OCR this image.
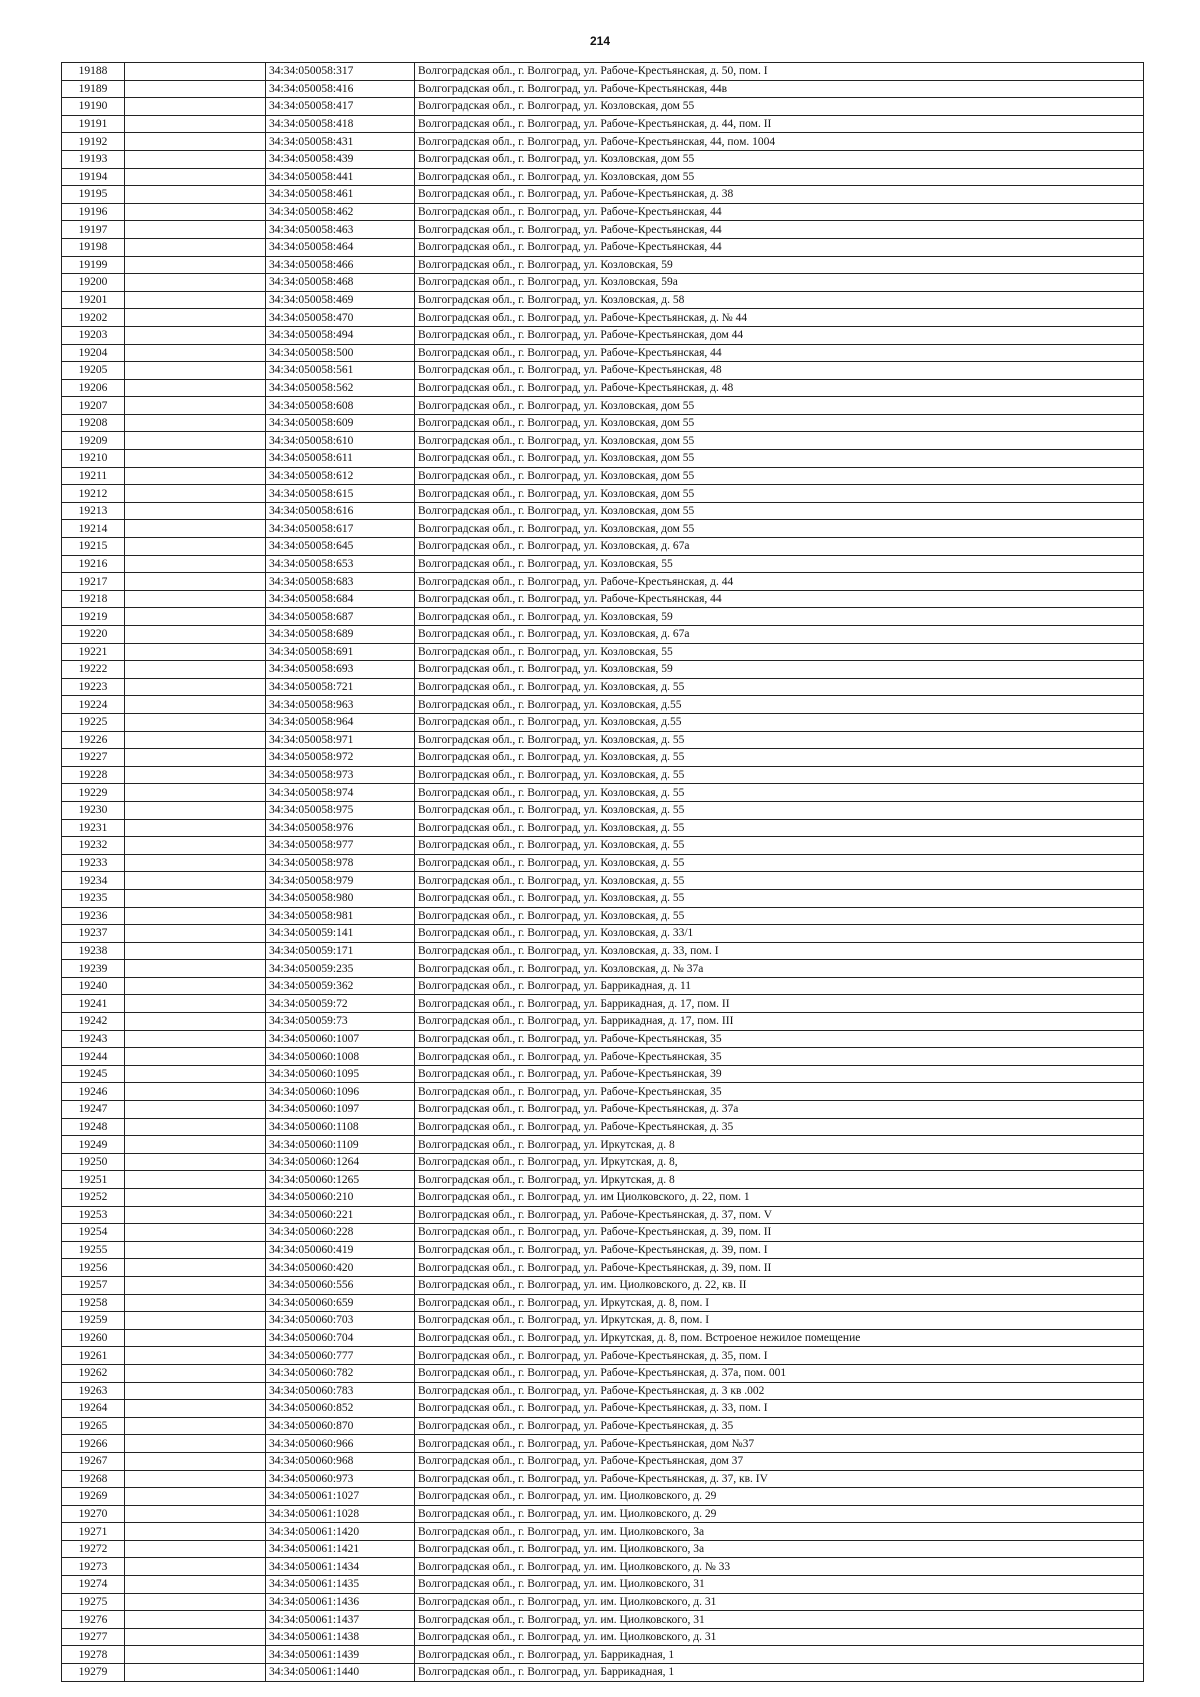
214
19188		34:34:050058:317	Волгоградская обл., г. Волгоград, ул. Рабоче-Крестьянская, д. 50, пом. I
19189		34:34:050058:416	Волгоградская обл., г. Волгоград, ул. Рабоче-Крестьянская, 44в
19190		34:34:050058:417	Волгоградская обл., г. Волгоград, ул. Козловская, дом 55
19191		34:34:050058:418	Волгоградская обл., г. Волгоград, ул. Рабоче-Крестьянская, д. 44, пом. II
19192		34:34:050058:431	Волгоградская обл., г. Волгоград, ул. Рабоче-Крестьянская, 44, пом. 1004
19193		34:34:050058:439	Волгоградская обл., г. Волгоград, ул. Козловская, дом 55
19194		34:34:050058:441	Волгоградская обл., г. Волгоград, ул. Козловская, дом 55
19195		34:34:050058:461	Волгоградская обл., г. Волгоград, ул. Рабоче-Крестьянская, д. 38
19196		34:34:050058:462	Волгоградская обл., г. Волгоград, ул. Рабоче-Крестьянская, 44
19197		34:34:050058:463	Волгоградская обл., г. Волгоград, ул. Рабоче-Крестьянская, 44
19198		34:34:050058:464	Волгоградская обл., г. Волгоград, ул. Рабоче-Крестьянская, 44
19199		34:34:050058:466	Волгоградская обл., г. Волгоград, ул. Козловская, 59
19200		34:34:050058:468	Волгоградская обл., г. Волгоград, ул. Козловская, 59а
19201		34:34:050058:469	Волгоградская обл., г. Волгоград, ул. Козловская, д. 58
19202		34:34:050058:470	Волгоградская обл., г. Волгоград, ул. Рабоче-Крестьянская, д. № 44
19203		34:34:050058:494	Волгоградская обл., г. Волгоград, ул. Рабоче-Крестьянская, дом 44
19204		34:34:050058:500	Волгоградская обл., г. Волгоград, ул. Рабоче-Крестьянская, 44
19205		34:34:050058:561	Волгоградская обл., г. Волгоград, ул. Рабоче-Крестьянская, 48
19206		34:34:050058:562	Волгоградская обл., г. Волгоград, ул. Рабоче-Крестьянская, д. 48
19207		34:34:050058:608	Волгоградская обл., г. Волгоград, ул. Козловская, дом 55
19208		34:34:050058:609	Волгоградская обл., г. Волгоград, ул. Козловская, дом 55
19209		34:34:050058:610	Волгоградская обл., г. Волгоград, ул. Козловская, дом 55
19210		34:34:050058:611	Волгоградская обл., г. Волгоград, ул. Козловская, дом 55
19211		34:34:050058:612	Волгоградская обл., г. Волгоград, ул. Козловская, дом 55
19212		34:34:050058:615	Волгоградская обл., г. Волгоград, ул. Козловская, дом 55
19213		34:34:050058:616	Волгоградская обл., г. Волгоград, ул. Козловская, дом 55
19214		34:34:050058:617	Волгоградская обл., г. Волгоград, ул. Козловская, дом 55
19215		34:34:050058:645	Волгоградская обл., г. Волгоград, ул. Козловская, д. 67а
19216		34:34:050058:653	Волгоградская обл., г. Волгоград, ул. Козловская, 55
19217		34:34:050058:683	Волгоградская обл., г. Волгоград, ул. Рабоче-Крестьянская, д. 44
19218		34:34:050058:684	Волгоградская обл., г. Волгоград, ул. Рабоче-Крестьянская, 44
19219		34:34:050058:687	Волгоградская обл., г. Волгоград, ул. Козловская, 59
19220		34:34:050058:689	Волгоградская обл., г. Волгоград, ул. Козловская, д. 67а
19221		34:34:050058:691	Волгоградская обл., г. Волгоград, ул. Козловская, 55
19222		34:34:050058:693	Волгоградская обл., г. Волгоград, ул. Козловская, 59
19223		34:34:050058:721	Волгоградская обл., г. Волгоград, ул. Козловская, д. 55
19224		34:34:050058:963	Волгоградская обл., г. Волгоград, ул. Козловская, д.55
19225		34:34:050058:964	Волгоградская обл., г. Волгоград, ул. Козловская, д.55
19226		34:34:050058:971	Волгоградская обл., г. Волгоград, ул. Козловская, д. 55
19227		34:34:050058:972	Волгоградская обл., г. Волгоград, ул. Козловская, д. 55
19228		34:34:050058:973	Волгоградская обл., г. Волгоград, ул. Козловская, д. 55
19229		34:34:050058:974	Волгоградская обл., г. Волгоград, ул. Козловская, д. 55
19230		34:34:050058:975	Волгоградская обл., г. Волгоград, ул. Козловская, д. 55
19231		34:34:050058:976	Волгоградская обл., г. Волгоград, ул. Козловская, д. 55
19232		34:34:050058:977	Волгоградская обл., г. Волгоград, ул. Козловская, д. 55
19233		34:34:050058:978	Волгоградская обл., г. Волгоград, ул. Козловская, д. 55
19234		34:34:050058:979	Волгоградская обл., г. Волгоград, ул. Козловская, д. 55
19235		34:34:050058:980	Волгоградская обл., г. Волгоград, ул. Козловская, д. 55
19236		34:34:050058:981	Волгоградская обл., г. Волгоград, ул. Козловская, д. 55
19237		34:34:050059:141	Волгоградская обл., г. Волгоград, ул. Козловская, д. 33/1
19238		34:34:050059:171	Волгоградская обл., г. Волгоград, ул. Козловская, д. 33, пом. I
19239		34:34:050059:235	Волгоградская обл., г. Волгоград, ул. Козловская, д. № 37а
19240		34:34:050059:362	Волгоградская обл., г. Волгоград, ул. Баррикадная, д. 11
19241		34:34:050059:72	Волгоградская обл., г. Волгоград, ул. Баррикадная, д. 17, пом. II
19242		34:34:050059:73	Волгоградская обл., г. Волгоград, ул. Баррикадная, д. 17, пом. III
19243		34:34:050060:1007	Волгоградская обл., г. Волгоград, ул. Рабоче-Крестьянская, 35
19244		34:34:050060:1008	Волгоградская обл., г. Волгоград, ул. Рабоче-Крестьянская, 35
19245		34:34:050060:1095	Волгоградская обл., г. Волгоград, ул. Рабоче-Крестьянская, 39
19246		34:34:050060:1096	Волгоградская обл., г. Волгоград, ул. Рабоче-Крестьянская, 35
19247		34:34:050060:1097	Волгоградская обл., г. Волгоград, ул. Рабоче-Крестьянская, д. 37а
19248		34:34:050060:1108	Волгоградская обл., г. Волгоград, ул. Рабоче-Крестьянская, д. 35
19249		34:34:050060:1109	Волгоградская обл., г. Волгоград, ул. Иркутская, д. 8
19250		34:34:050060:1264	Волгоградская обл., г. Волгоград, ул. Иркутская, д. 8,
19251		34:34:050060:1265	Волгоградская обл., г. Волгоград, ул. Иркутская, д. 8
19252		34:34:050060:210	Волгоградская обл., г. Волгоград, ул. им Циолковского, д. 22, пом. 1
19253		34:34:050060:221	Волгоградская обл., г. Волгоград, ул. Рабоче-Крестьянская, д. 37, пом. V
19254		34:34:050060:228	Волгоградская обл., г. Волгоград, ул. Рабоче-Крестьянская, д. 39, пом. II
19255		34:34:050060:419	Волгоградская обл., г. Волгоград, ул. Рабоче-Крестьянская, д. 39, пом. I
19256		34:34:050060:420	Волгоградская обл., г. Волгоград, ул. Рабоче-Крестьянская, д. 39, пом. II
19257		34:34:050060:556	Волгоградская обл., г. Волгоград, ул. им. Циолковского, д. 22, кв. II
19258		34:34:050060:659	Волгоградская обл., г. Волгоград, ул. Иркутская, д. 8, пом. I
19259		34:34:050060:703	Волгоградская обл., г. Волгоград, ул. Иркутская, д. 8, пом. I
19260		34:34:050060:704	Волгоградская обл., г. Волгоград, ул. Иркутская, д. 8, пом. Встроеное нежилое помещение
19261		34:34:050060:777	Волгоградская обл., г. Волгоград, ул. Рабоче-Крестьянская, д. 35, пом. I
19262		34:34:050060:782	Волгоградская обл., г. Волгоград, ул. Рабоче-Крестьянская, д. 37а, пом. 001
19263		34:34:050060:783	Волгоградская обл., г. Волгоград, ул. Рабоче-Крестьянская, д. 3 кв .002
19264		34:34:050060:852	Волгоградская обл., г. Волгоград, ул. Рабоче-Крестьянская, д. 33, пом. I
19265		34:34:050060:870	Волгоградская обл., г. Волгоград, ул. Рабоче-Крестьянская, д. 35
19266		34:34:050060:966	Волгоградская обл., г. Волгоград, ул. Рабоче-Крестьянская, дом №37
19267		34:34:050060:968	Волгоградская обл., г. Волгоград, ул. Рабоче-Крестьянская, дом 37
19268		34:34:050060:973	Волгоградская обл., г. Волгоград, ул. Рабоче-Крестьянская, д. 37, кв. IV
19269		34:34:050061:1027	Волгоградская обл., г. Волгоград, ул. им. Циолковского, д. 29
19270		34:34:050061:1028	Волгоградская обл., г. Волгоград, ул. им. Циолковского, д. 29
19271		34:34:050061:1420	Волгоградская обл., г. Волгоград, ул. им. Циолковского, 3а
19272		34:34:050061:1421	Волгоградская обл., г. Волгоград, ул. им. Циолковского, 3а
19273		34:34:050061:1434	Волгоградская обл., г. Волгоград, ул. им. Циолковского, д. № 33
19274		34:34:050061:1435	Волгоградская обл., г. Волгоград, ул. им. Циолковского, 31
19275		34:34:050061:1436	Волгоградская обл., г. Волгоград, ул. им. Циолковского, д. 31
19276		34:34:050061:1437	Волгоградская обл., г. Волгоград, ул. им. Циолковского, 31
19277		34:34:050061:1438	Волгоградская обл., г. Волгоград, ул. им. Циолковского, д. 31
19278		34:34:050061:1439	Волгоградская обл., г. Волгоград, ул. Баррикадная, 1
19279		34:34:050061:1440	Волгоградская обл., г. Волгоград, ул. Баррикадная, 1
